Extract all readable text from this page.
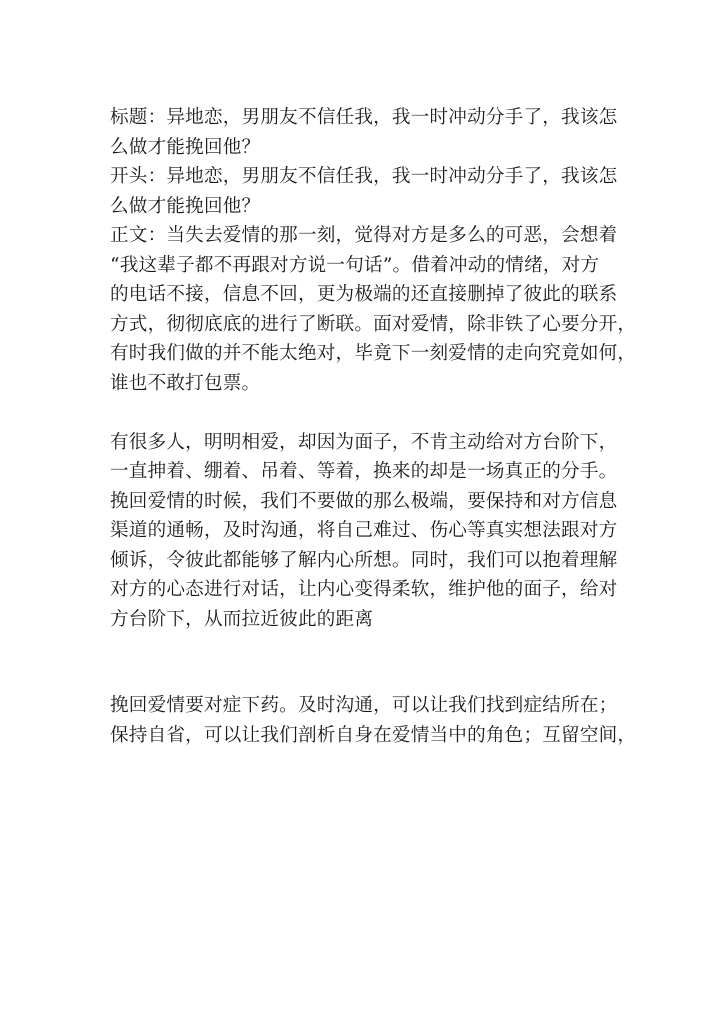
标题：异地恋，男朋友不信任我，我一时冲动分手了，我该怎
么做才能挽回他？
开头：异地恋，男朋友不信任我，我一时冲动分手了，我该怎
么做才能挽回他？
正文：当失去爱情的那一刻，觉得对方是多么的可恶，会想着
“我这辈子都不再跟对方说一句话”。借着冲动的情绪，对方
的电话不接，信息不回，更为极端的还直接删掉了彼此的联系
方式，彻彻底底的进行了断联。面对爱情，除非铁了心要分开，
有时我们做的并不能太绝对，毕竟下一刻爱情的走向究竟如何，
谁也不敢打包票。
有很多人，明明相爱，却因为面子，不肯主动给对方台阶下，
一直抻着、绷着、吊着、等着，换来的却是一场真正的分手。
挽回爱情的时候，我们不要做的那么极端，要保持和对方信息
渠道的通畅，及时沟通，将自己难过、伤心等真实想法跟对方
倾诉，令彼此都能够了解内心所想。同时，我们可以抱着理解
对方的心态进行对话，让内心变得柔软，维护他的面子，给对
方台阶下，从而拉近彼此的距离
挽回爱情要对症下药。及时沟通，可以让我们找到症结所在；
保持自省，可以让我们剖析自身在爱情当中的角色；互留空间，
